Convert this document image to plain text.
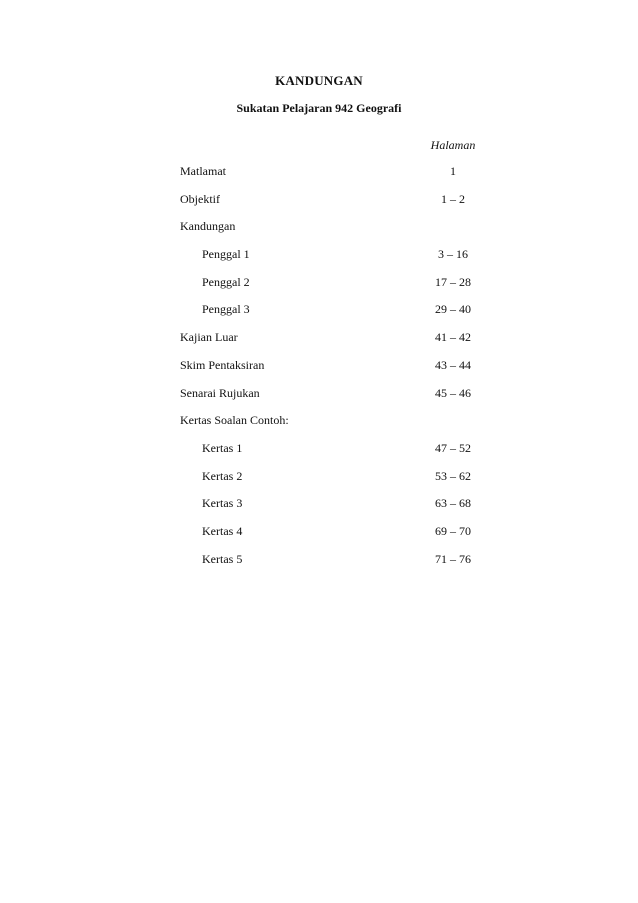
KANDUNGAN
Sukatan Pelajaran 942 Geografi
Halaman
Matlamat	1
Objektif	1 – 2
Kandungan
Penggal 1	3 – 16
Penggal 2	17 – 28
Penggal 3	29 – 40
Kajian Luar	41 – 42
Skim Pentaksiran	43 – 44
Senarai Rujukan	45 – 46
Kertas Soalan Contoh:
Kertas 1	47 – 52
Kertas 2	53 – 62
Kertas 3	63 – 68
Kertas 4	69 – 70
Kertas 5	71 – 76
